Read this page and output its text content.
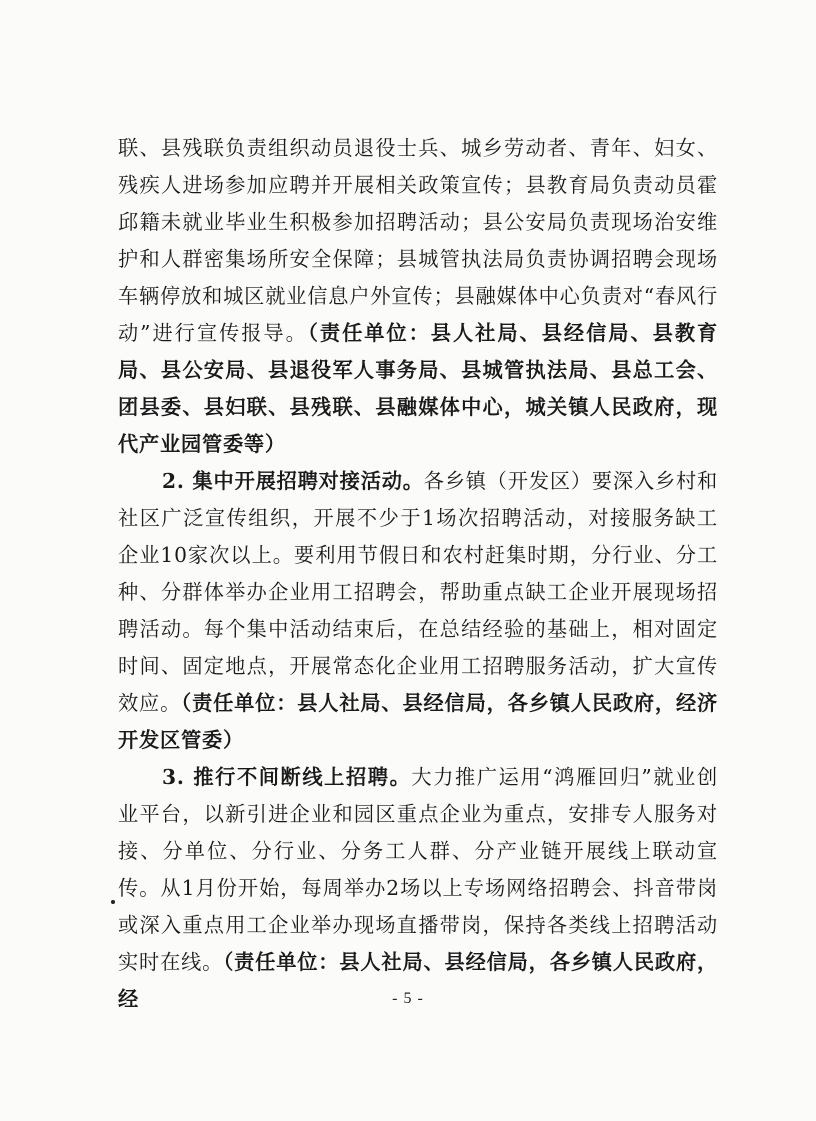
联、县残联负责组织动员退役士兵、城乡劳动者、青年、妇女、残疾人进场参加应聘并开展相关政策宣传；县教育局负责动员霍邱籍未就业毕业生积极参加招聘活动；县公安局负责现场治安维护和人群密集场所安全保障；县城管执法局负责协调招聘会现场车辆停放和城区就业信息户外宣传；县融媒体中心负责对“春风行动”进行宣传报导。（责任单位：县人社局、县经信局、县教育局、县公安局、县退役军人事务局、县城管执法局、县总工会、团县委、县妇联、县残联、县融媒体中心，城关镇人民政府，现代产业园管委等）

2. 集中开展招聘对接活动。各乡镇（开发区）要深入乡村和社区广泛宣传组织，开展不少于1场次招聘活动，对接服务缺工企业10家次以上。要利用节假日和农村赶集时期，分行业、分工种、分群体举办企业用工招聘会，帮助重点缺工企业开展现场招聘活动。每个集中活动结束后，在总结经验的基础上，相对固定时间、固定地点，开展常态化企业用工招聘服务活动，扩大宣传效应。（责任单位：县人社局、县经信局，各乡镇人民政府，经济开发区管委）

3. 推行不间断线上招聘。大力推广运用“鸿雁回归”就业创业平台，以新引进企业和园区重点企业为重点，安排专人服务对接、分单位、分行业、分务工人群、分产业链开展线上联动宣传。从1月份开始，每周举办2场以上专场网络招聘会、抖音带岗或深入重点用工企业举办现场直播带岗，保持各类线上招聘活动实时在线。（责任单位：县人社局、县经信局，各乡镇人民政府，经	- 5 -
